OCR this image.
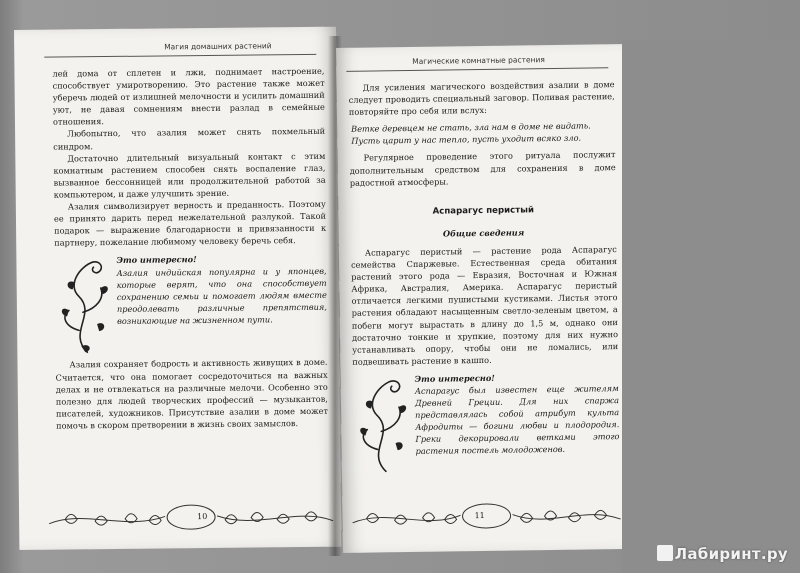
Магия домашних растений
лей дома от сплетен и лжи, поднимает настроение, способствует умиротворению. Это растение также может уберечь людей от излишней мелочности и усилить домашний уют, не давая сомнениям внести разлад в семейные отношения.
Любопытно, что азалия может снять похмельный синдром.
Достаточно длительный визуальный контакт с этим комнатным растением способен снять воспаление глаз, вызванное бессонницей или продолжительной работой за компьютером, и даже улучшить зрение.
Азалия символизирует верность и преданность. Поэтому ее принято дарить перед нежелательной разлукой. Такой подарок — выражение благодарности и привязанности к партнеру, пожелание любимому человеку беречь себя.
Это интересно!
Азалия индийская популярна и у японцев, которые верят, что она способствует сохранению семьи и помогает людям вместе преодолевать различные препятствия, возникающие на жизненном пути.
Азалия сохраняет бодрость и активность живущих в доме. Считается, что она помогает сосредоточиться на важных делах и не отвлекаться на различные мелочи. Особенно это полезно для людей творческих профессий — музыкантов, писателей, художников. Присутствие азалии в доме может помочь в скором претворении в жизнь своих замыслов.
10
Магические комнатные растения
Для усиления магического воздействия азалии в доме следует проводить специальный заговор. Поливая растение, повторяйте про себя или вслух:
Ветке деревцем не стать, зла нам в доме не видать.
Пусть царит у нас тепло, пусть уходит всяко зло.
Регулярное проведение этого ритуала послужит дополнительным средством для сохранения в доме радостной атмосферы.
Аспарагус перистый
Общие сведения
Аспарагус перистый — растение рода Аспарагус семейства Спаржевые. Естественная среда обитания растений этого рода — Евразия, Восточная и Южная Африка, Австралия, Америка. Аспарагус перистый отличается легкими пушистыми кустиками. Листья этого растения обладают насыщенным светло-зеленым цветом, а побеги могут вырастать в длину до 1,5 м, однако они достаточно тонкие и хрупкие, поэтому для них нужно устанавливать опору, чтобы они не ломались, или подвешивать растение в кашпо.
Это интересно!
Аспарагус был известен еще жителям Древней Греции. Для них спаржа представлялась собой атрибут культа Афродиты — богини любви и плодородия. Греки декорировали ветками этого растения постель молодоженов.
11
Лабиринт.ру
